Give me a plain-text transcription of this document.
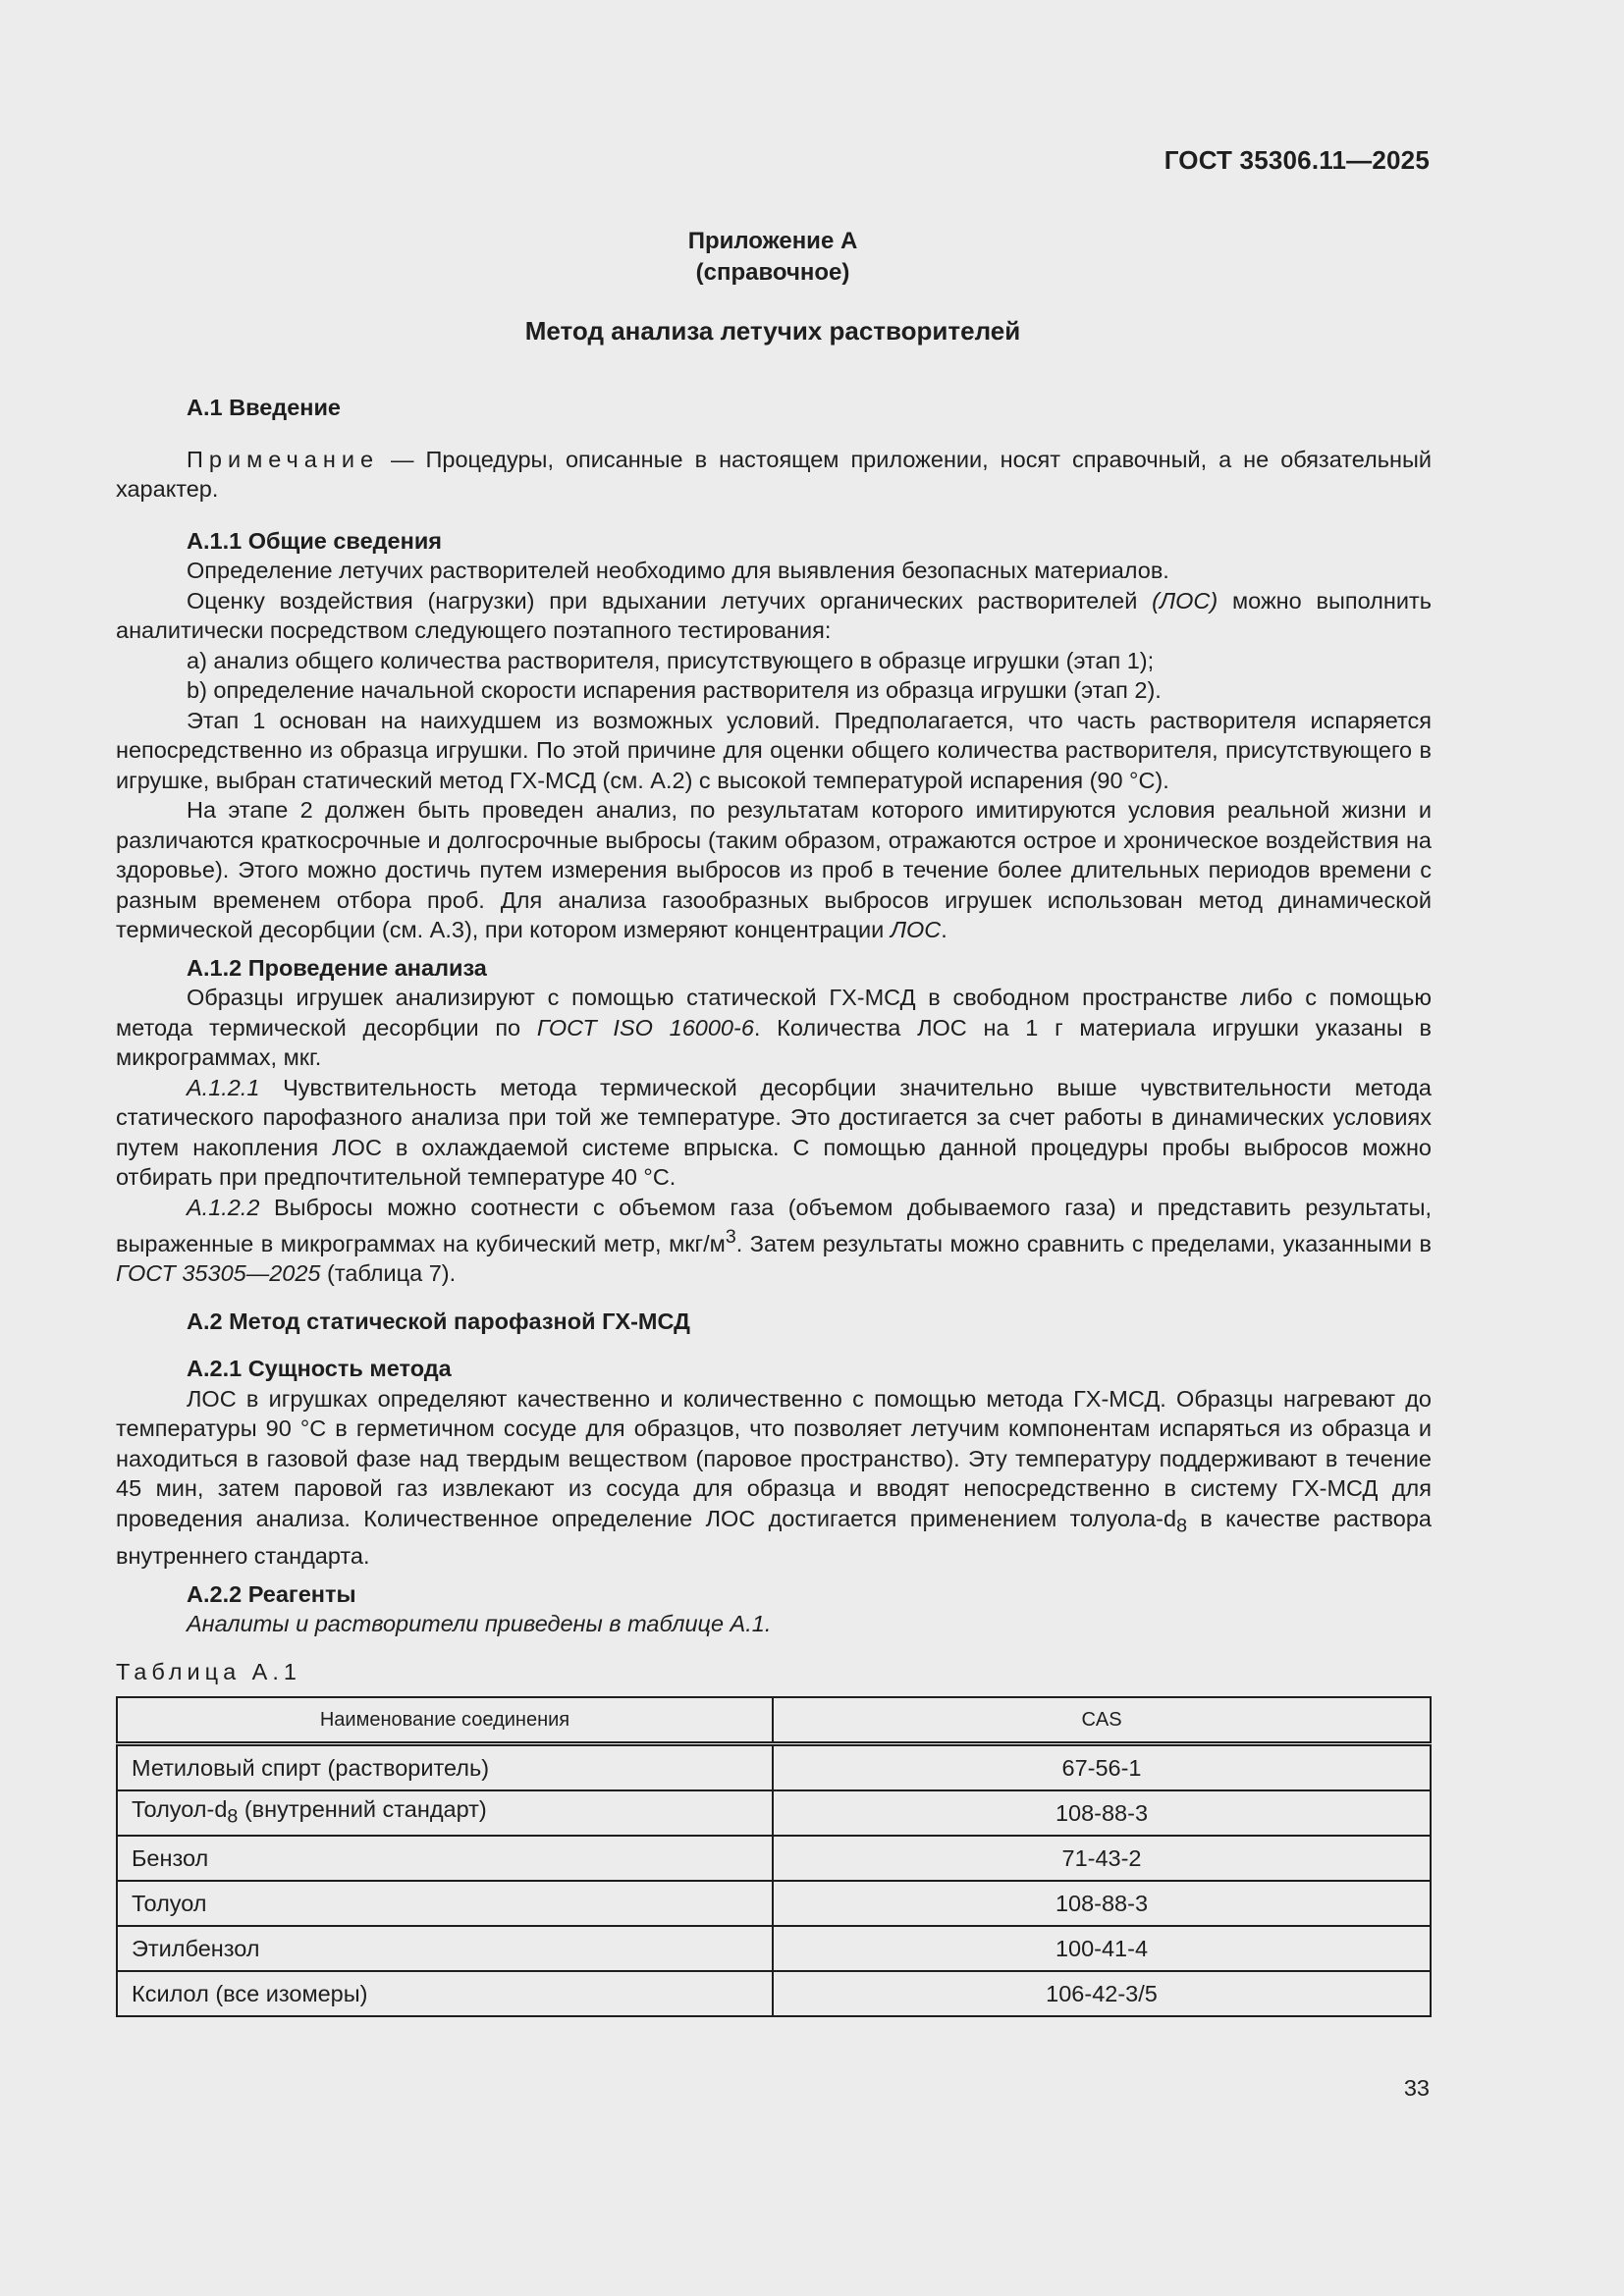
ГОСТ 35306.11—2025
Приложение А
(справочное)
Метод анализа летучих растворителей
А.1 Введение

Примечание — Процедуры, описанные в настоящем приложении, носят справочный, а не обязательный характер.

А.1.1 Общие сведения

Определение летучих растворителей необходимо для выявления безопасных материалов.

Оценку воздействия (нагрузки) при вдыхании летучих органических растворителей (ЛОС) можно выполнить аналитически посредством следующего поэтапного тестирования:

а) анализ общего количества растворителя, присутствующего в образце игрушки (этап 1);

b) определение начальной скорости испарения растворителя из образца игрушки (этап 2).

Этап 1 основан на наихудшем из возможных условий. Предполагается, что часть растворителя испаряется непосредственно из образца игрушки. По этой причине для оценки общего количества растворителя, присутствующего в игрушке, выбран статический метод ГХ-МСД (см. А.2) с высокой температурой испарения (90 °С).

На этапе 2 должен быть проведен анализ, по результатам которого имитируются условия реальной жизни и различаются краткосрочные и долгосрочные выбросы (таким образом, отражаются острое и хроническое воздействия на здоровье). Этого можно достичь путем измерения выбросов из проб в течение более длительных периодов времени с разным временем отбора проб. Для анализа газообразных выбросов игрушек использован метод динамической термической десорбции (см. А.3), при котором измеряют концентрации ЛОС.

А.1.2 Проведение анализа

Образцы игрушек анализируют с помощью статической ГХ-МСД в свободном пространстве либо с помощью метода термической десорбции по ГОСТ ISO 16000-6. Количества ЛОС на 1 г материала игрушки указаны в микрограммах, мкг.

А.1.2.1 Чувствительность метода термической десорбции значительно выше чувствительности метода статического парофазного анализа при той же температуре. Это достигается за счет работы в динамических условиях путем накопления ЛОС в охлаждаемой системе впрыска. С помощью данной процедуры пробы выбросов можно отбирать при предпочтительной температуре 40 °С.

А.1.2.2 Выбросы можно соотнести с объемом газа (объемом добываемого газа) и представить результаты, выраженные в микрограммах на кубический метр, мкг/$м^3$. Затем результаты можно сравнить с пределами, указанными в ГОСТ 35305—2025 (таблица 7).

А.2 Метод статической парофазной ГХ-МСД
А.2.1 Сущность метода

ЛОС в игрушках определяют качественно и количественно с помощью метода ГХ-МСД. Образцы нагревают до температуры 90 °С в герметичном сосуде для образцов, что позволяет летучим компонентам испаряться из образца и находиться в газовой фазе над твердым веществом (паровое пространство). Эту температуру поддерживают в течение 45 мин, затем паровой газ извлекают из сосуда для образца и вводят непосредственно в систему ГХ-МСД для проведения анализа. Количественное определение ЛОС достигается применением толуола-$d_8$ в качестве раствора внутреннего стандарта.

А.2.2 Реагенты

Аналиты и растворители приведены в таблице А.1.

Таблица А.1

Наименование соединения	CAS
Метиловый спирт (растворитель)	67-56-1
Толуол-$d_8$ (внутренний стандарт)	108-88-3
Бензол	71-43-2
Толуол	108-88-3
Этилбензол	100-41-4
Ксилол (все изомеры)	106-42-3/5
33
